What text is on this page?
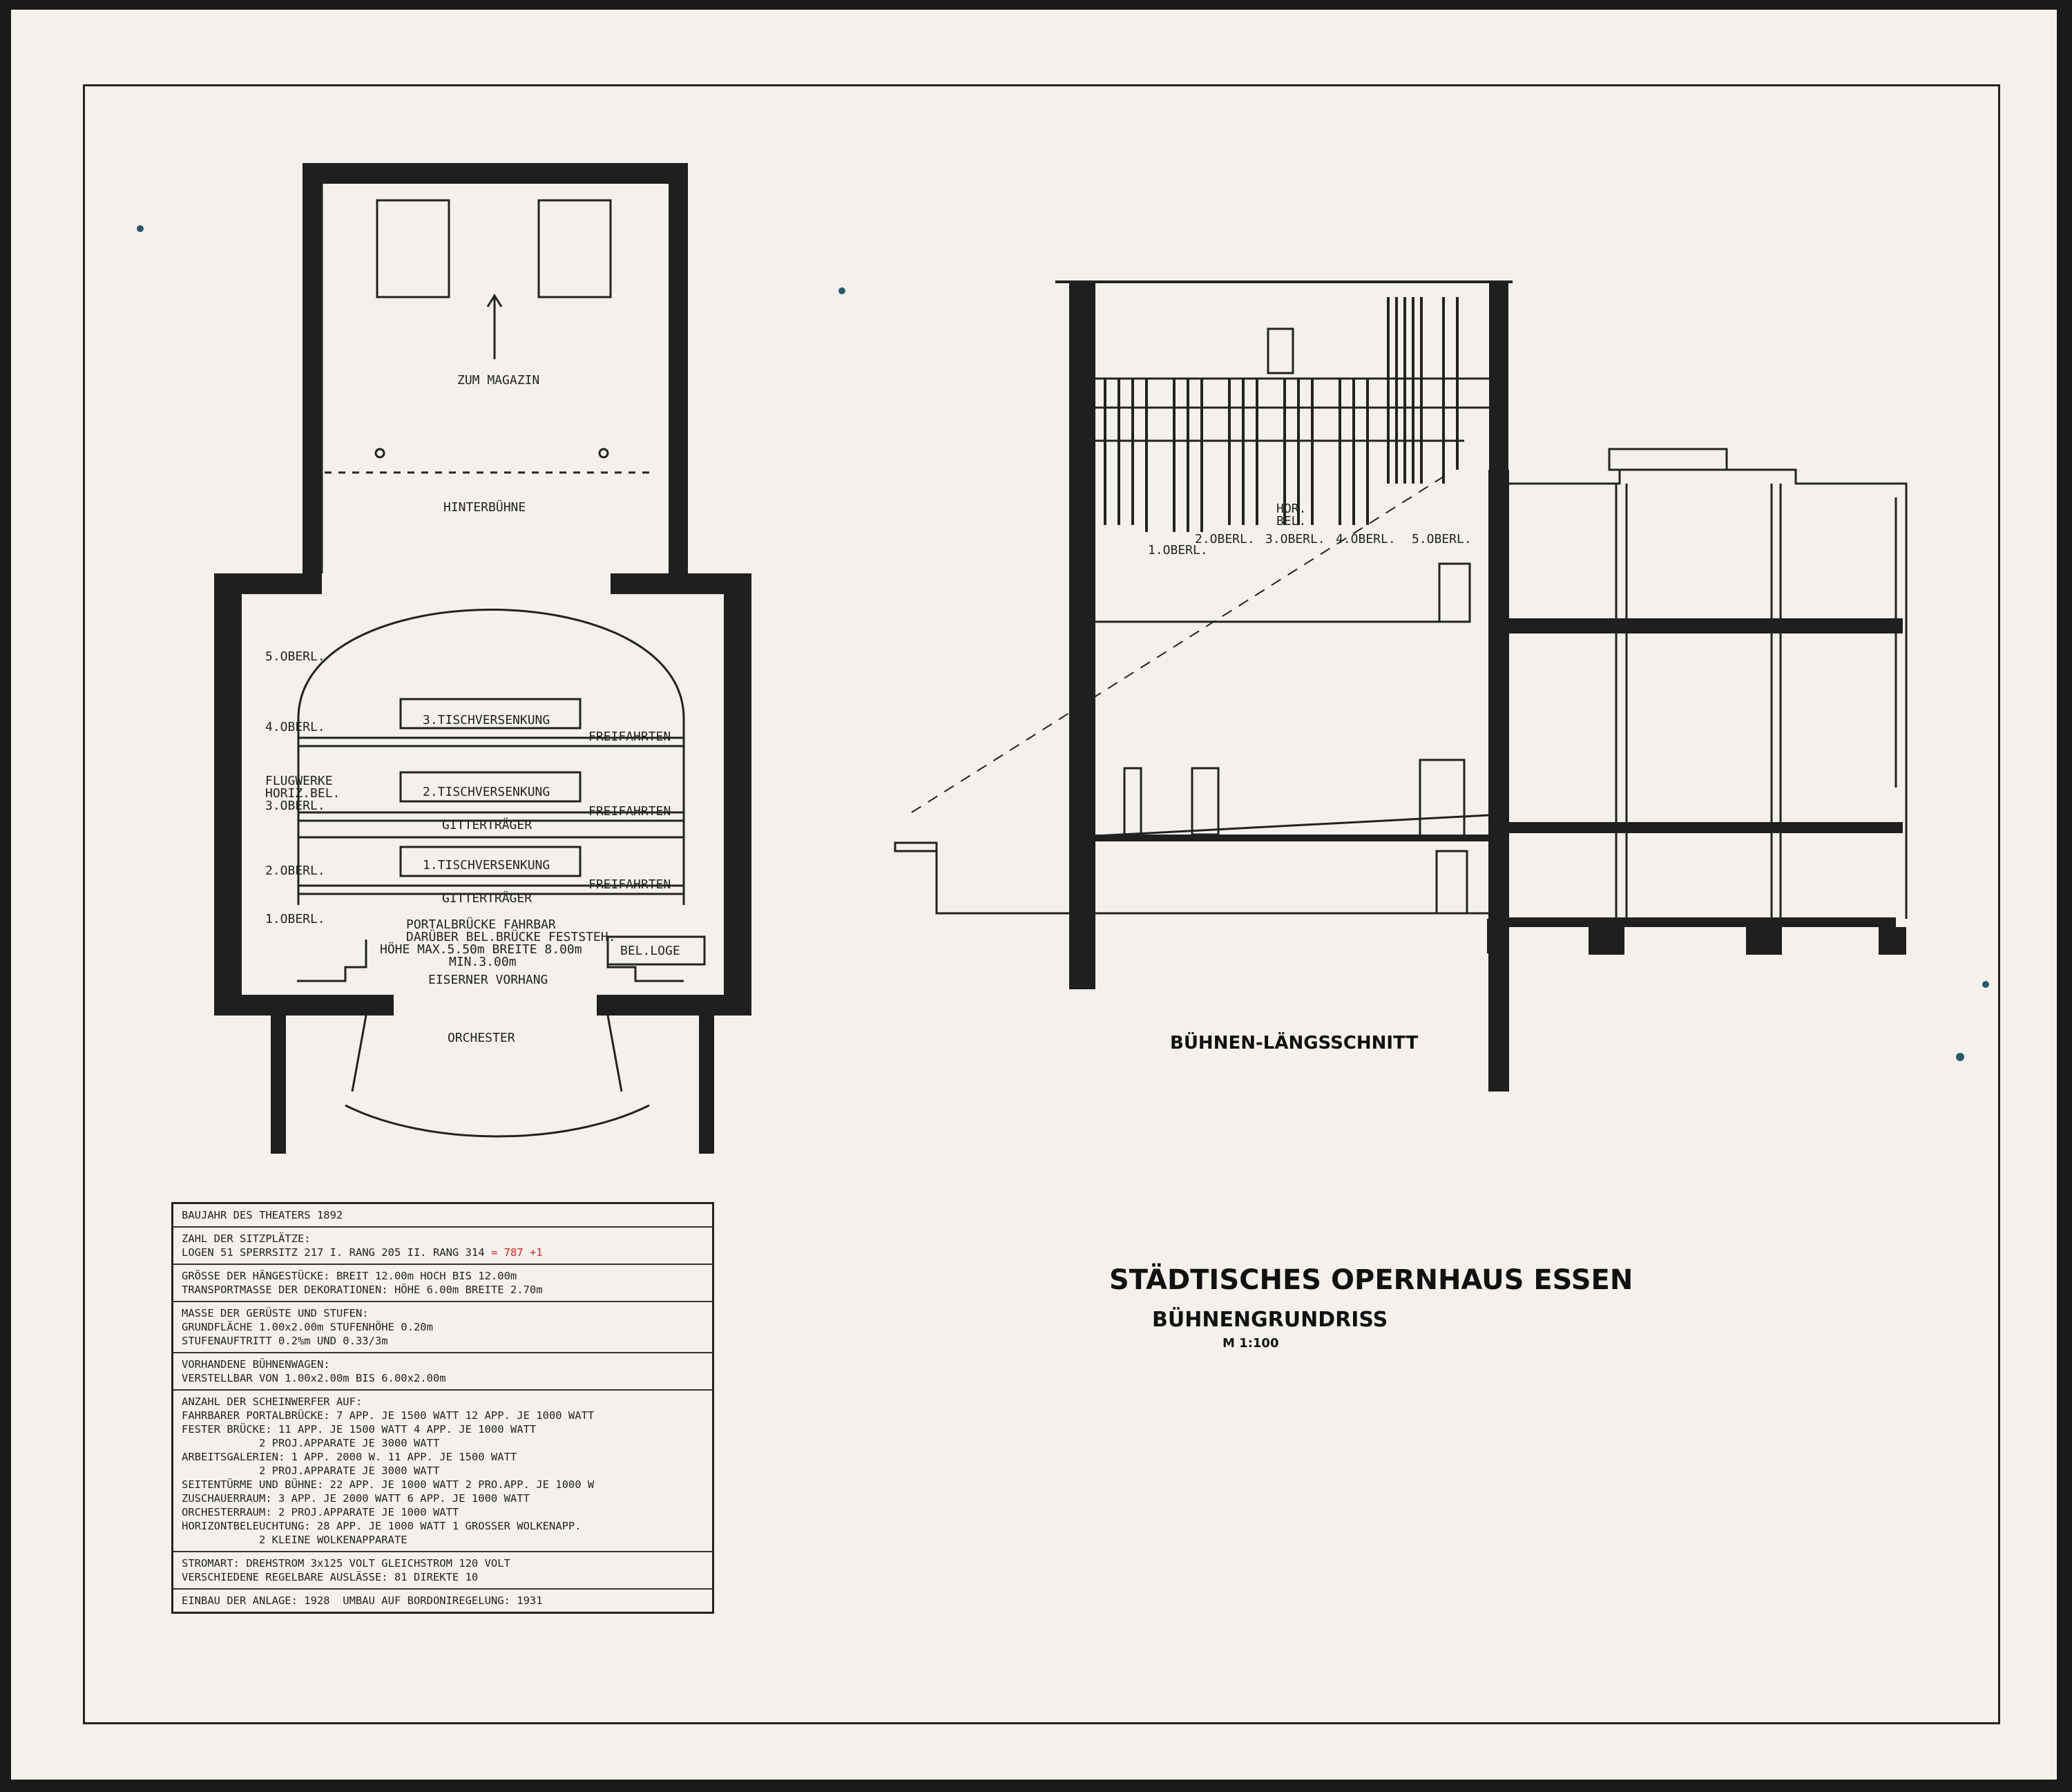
ZUM MAGAZIN
HINTERBÜHNE
5.OBERL.
4.OBERL.
FLUGWERKE
HORIZ.BEL.
3.OBERL.
2.OBERL.
1.OBERL.
3.TISCHVERSENKUNG
2.TISCHVERSENKUNG
1.TISCHVERSENKUNG
FREIFAHRTEN
FREIFAHRTEN
FREIFAHRTEN
GITTERTRÄGER
GITTERTRÄGER
PORTALBRÜCKE FAHRBAR
DARÜBER BEL.BRÜCKE FESTSTEH.
HÖHE MAX.5.50m BREITE 8.00m
MIN.3.00m
BEL.LOGE
EISERNER VORHANG
ORCHESTER
1.OBERL.
2.OBERL. 3.OBERL. 4.OBERL. 5.OBERL.
HOR.
BEL.
BÜHNEN-LÄNGSSCHNITT
STÄDTISCHES OPERNHAUS ESSEN
BÜHNENGRUNDRISS
M 1:100
BAUJAHR DES THEATERS 1892
ZAHL DER SITZPLÄTZE:
LOGEN 51 SPERRSITZ 217 I. RANG 205 II. RANG 314 = 787 +1
GRÖSSE DER HÄNGESTÜCKE: BREIT 12.00m HOCH BIS 12.00m
TRANSPORTMASSE DER DEKORATIONEN: HÖHE 6.00m BREITE 2.70m
MASSE DER GERÜSTE UND STUFEN:
GRUNDFLÄCHE 1.00x2.00m STUFENHÖHE 0.20m
STUFENAUFTRITT 0.2%m UND 0.33/3m
VORHANDENE BÜHNENWAGEN:
VERSTELLBAR VON 1.00x2.00m BIS 6.00x2.00m
ANZAHL DER SCHEINWERFER AUF:
FAHRBARER PORTALBRÜCKE: 7 APP. JE 1500 WATT 12 APP. JE 1000 WATT
FESTER BRÜCKE: 11 APP. JE 1500 WATT 4 APP. JE 1000 WATT
2 PROJ.APPARATE JE 3000 WATT
ARBEITSGALERIEN: 1 APP. 2000 W. 11 APP. JE 1500 WATT
2 PROJ.APPARATE JE 3000 WATT
SEITENTÜRME UND BÜHNE: 22 APP. JE 1000 WATT 2 PRO.APP. JE 1000 W
ZUSCHAUERRAUM: 3 APP. JE 2000 WATT 6 APP. JE 1000 WATT
ORCHESTERRAUM: 2 PROJ.APPARATE JE 1000 WATT
HORIZONTBELEUCHTUNG: 28 APP. JE 1000 WATT 1 GROSSER WOLKENAPP.
2 KLEINE WOLKENAPPARATE
STROMART: DREHSTROM 3x125 VOLT GLEICHSTROM 120 VOLT
VERSCHIEDENE REGELBARE AUSLÄSSE: 81 DIREKTE 10
EINBAU DER ANLAGE: 1928  UMBAU AUF BORDONIREGELUNG: 1931
